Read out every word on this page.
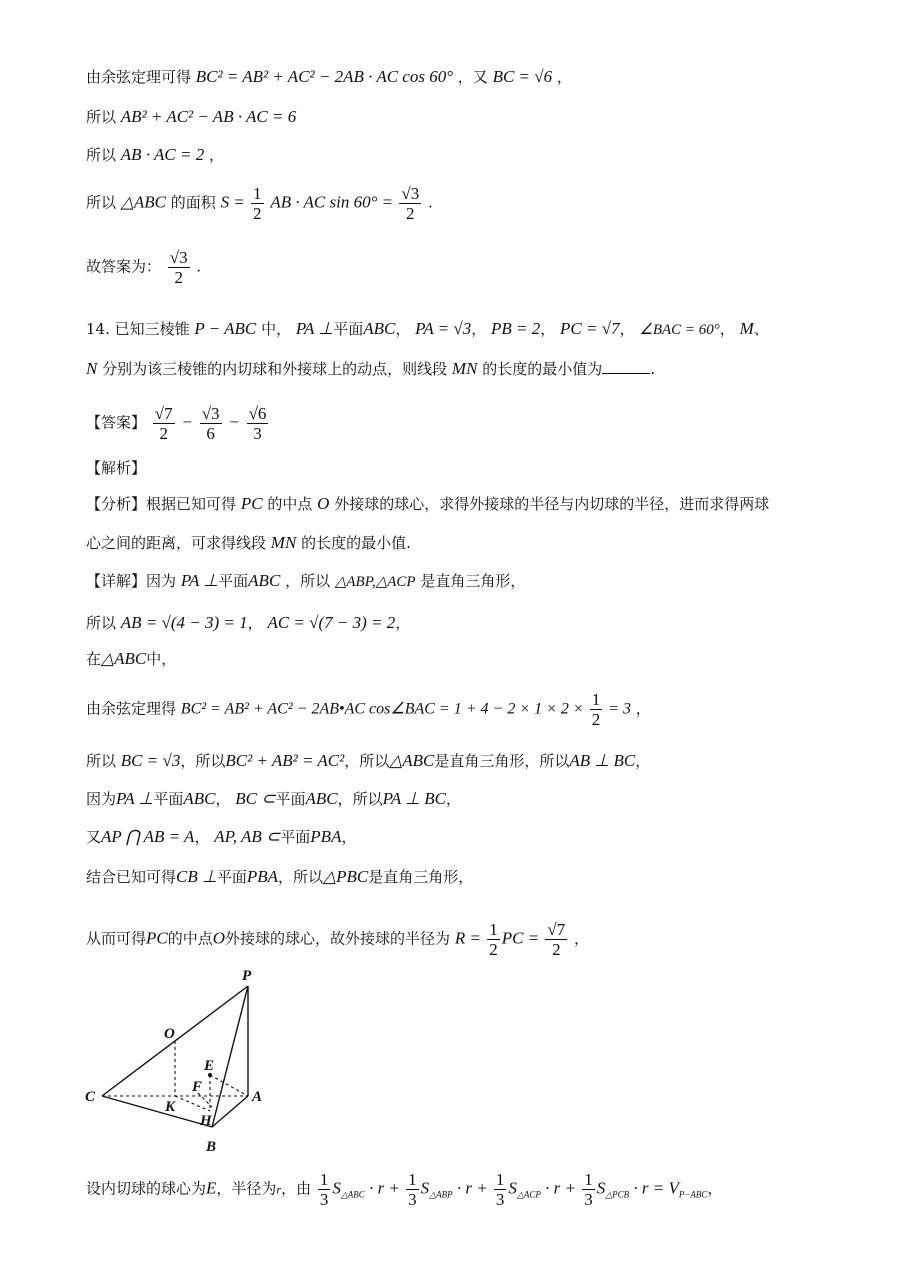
由余弦定理可得 BC² = AB² + AC² − 2AB · AC cos 60° ，又 BC = √6 ，
所以 AB² + AC² − AB · AC = 6
所以 AB · AC = 2 ，
所以 △ABC 的面积 $S = \frac{1}{2}$ AB · AC $\sin 60^\circ = \frac{√3}{2}$ .
故答案为： $\frac{√3}{2}$ .
14. 已知三棱锥 P − ABC 中， PA ⊥平面ABC， PA = √3， PB = 2， PC = √7， ∠BAC = 60°， M、
N 分别为该三棱锥的内切球和外接球上的动点，则线段 MN 的长度的最小值为	.
【答案】 $\frac{√7}{2} - \frac{√3}{6} - \frac{√6}{3}$
【解析】
【分析】根据已知可得 PC 的中点 O 外接球的球心，求得外接球的半径与内切球的半径，进而求得两球
心之间的距离，可求得线段 MN 的长度的最小值.
【详解】因为 PA ⊥平面ABC ，所以 △ABP,△ACP 是直角三角形，
所以 AB = √(4 − 3) = 1， AC = √(7 − 3) = 2，
在△ABC中，
由余弦定理得 BC² = AB² + AC² − 2AB•AC cos∠BAC = $1 + 4 - 2 \times 1 \times 2 \times \frac{1}{2} = 3$ ，
所以 BC = √3，所以BC² + AB² = AC²，所以△ABC是直角三角形，所以AB ⊥ BC，
因为PA ⊥平面ABC， BC ⊂平面ABC，所以PA ⊥ BC，
又AP ⋂ AB = A， AP, AB ⊂平面PBA，
结合已知可得CB ⊥平面PBA，所以△PBC是直角三角形，
从而可得PC的中点O外接球的球心，故外接球的半径为 $R = \frac{1}{2}$ PC = $\frac{√7}{2}$ ，
P
O
E
F
C
K
A
H
B
设内切球的球心为E，半径为r，由 $\frac{1}{3} S_{\triangle ABC} \cdot r + \frac{1}{3} S_{\triangle ABP} \cdot r + \frac{1}{3} S_{\triangle ACP} \cdot r + \frac{1}{3} S_{\triangle PCB} \cdot r = V_{P-ABC}$，
